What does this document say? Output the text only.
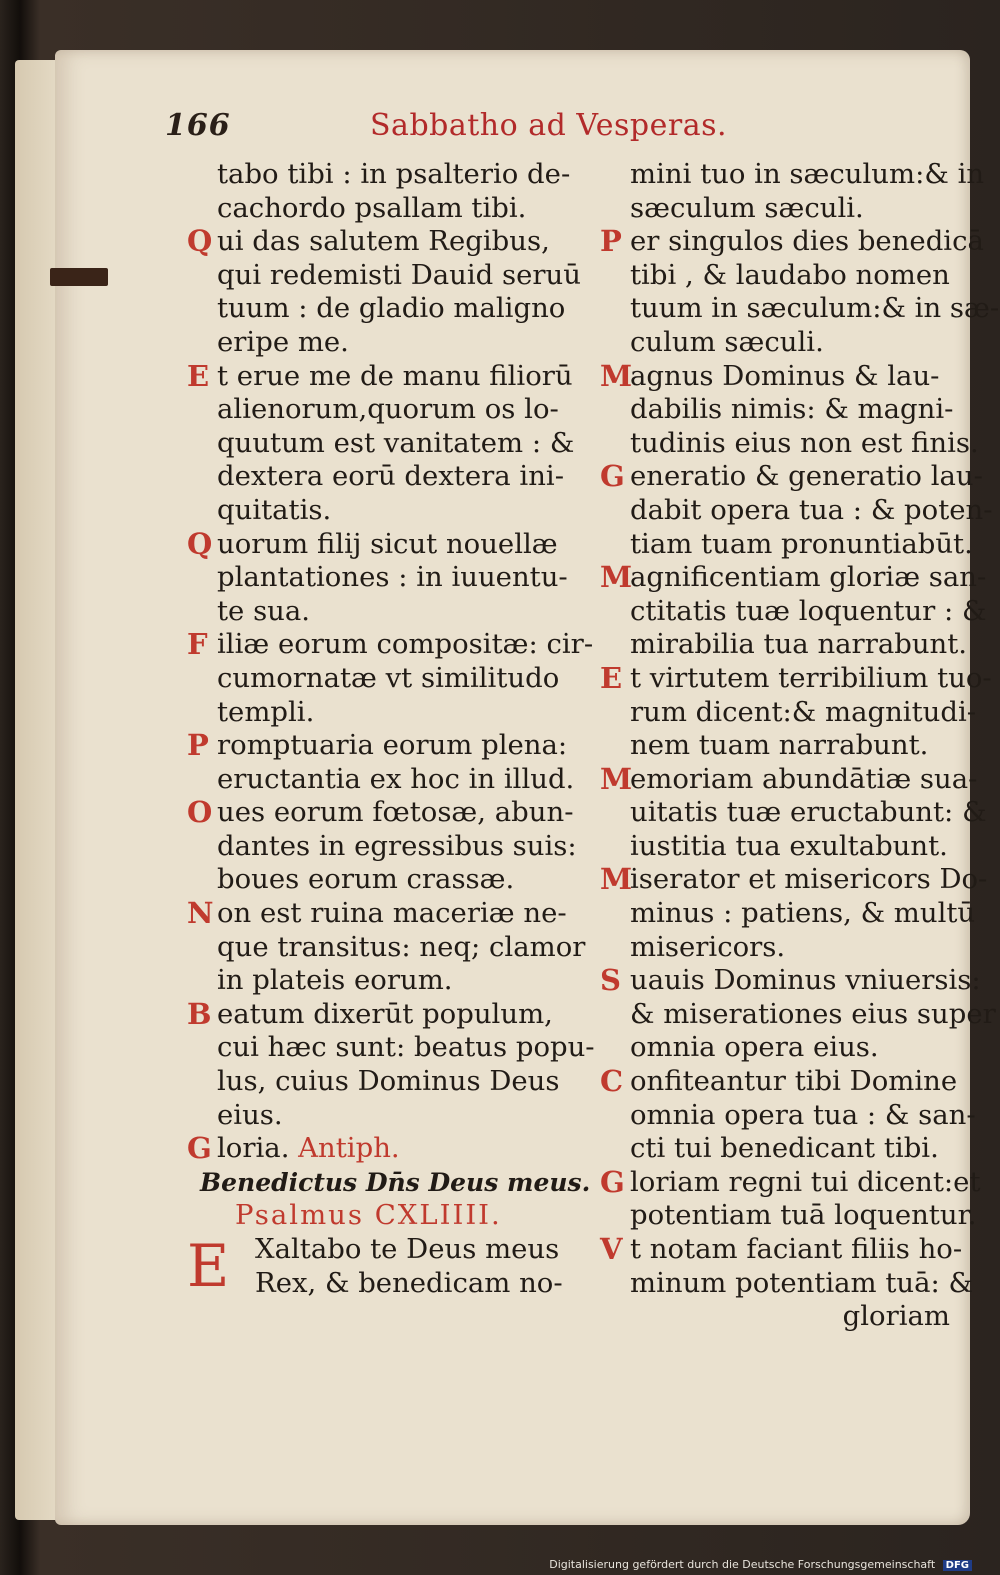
166	Sabbatho ad Vesperas.
tabo tibi : in psalterio de-
cachordo psallam tibi.
Q ui das salutem Regibus,
qui redemisti Dauid seruū
tuum : de gladio maligno
eripe me.
E t erue me de manu filiorū
alienorum,quorum os lo-
quutum est vanitatem : &
dextera eorū dextera ini-
quitatis.
Q uorum filij sicut nouellæ
plantationes : in iuuentu-
te sua.
F iliæ eorum compositæ: cir-
cumornatæ vt similitudo
templi.
P romptuaria eorum plena:
eructantia ex hoc in illud.
O ues eorum fœtosæ, abun-
dantes in egressibus suis:
boues eorum crassæ.
N on est ruina maceriæ ne-
que transitus: neq; clamor
in plateis eorum.
B eatum dixerūt populum,
cui hæc sunt: beatus popu-
lus, cuius Dominus Deus
eius.
G loria. Antiph.
Benedictus Dn̄s Deus meus.
Psalmus CXLIIII.
E Xaltabo te Deus meus
Rex, & benedicam no-
mini tuo in sæculum:& in
sæculum sæculi.
P er singulos dies benedicā
tibi , & laudabo nomen
tuum in sæculum:& in sæ-
culum sæculi.
M
agnus Dominus & lau-
dabilis nimis: & magni-
tudinis eius non est finis.
G eneratio & generatio lau-
dabit opera tua : & poten-
tiam tuam pronuntiabūt.
M
agnificentiam gloriæ san-
ctitatis tuæ loquentur : &
mirabilia tua narrabunt.
E t virtutem terribilium tuo-
rum dicent:& magnitudi-
nem tuam narrabunt.
M
emoriam abundātiæ sua-
uitatis tuæ eructabunt: &
iustitia tua exultabunt.
M
iserator et misericors Do-
minus : patiens, & multū
misericors.
S uauis Dominus vniuersis:
& miserationes eius super
omnia opera eius.
C onfiteantur tibi Domine
omnia opera tua : & san-
cti tui benedicant tibi.
G loriam regni tui dicent:et
potentiam tuā loquentur.
V t notam faciant filiis ho-
minum potentiam tuā: &
gloriam
Digitalisierung gefördert durch die Deutsche Forschungsgemeinschaft DFG
